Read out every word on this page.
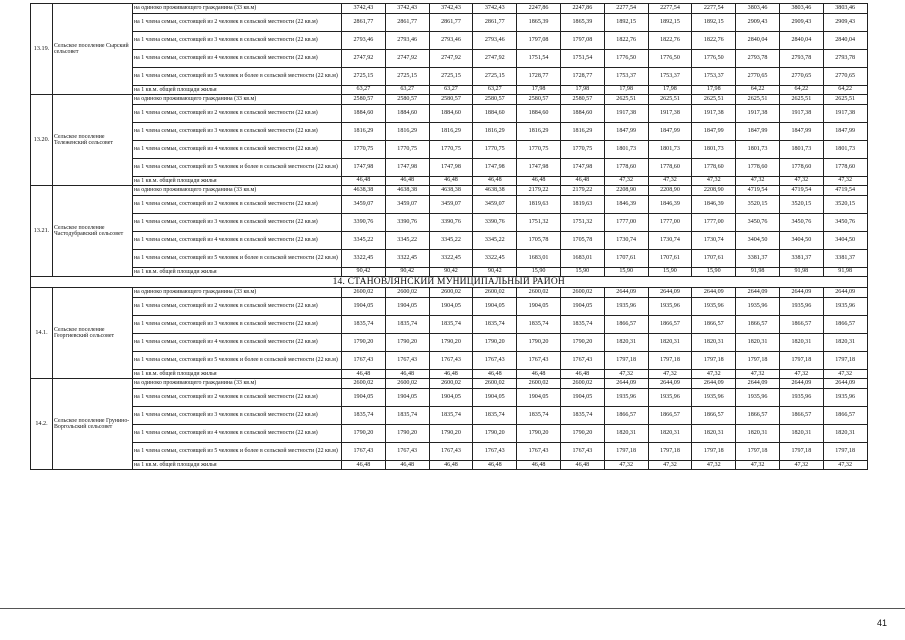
13.19.	Сельское поселение Сырский сельсовет	на одиноко проживающего гражданина (33 кв.м)	3742,43	3742,43	3742,43	3742,43	2247,86	2247,86	2277,54	2277,54	2277,54	3803,46	3803,46	3803,46
		на 1 члена семьи, состоящей из 2 человек в сельской местности (22 кв.м)	2861,77	2861,77	2861,77	2861,77	1865,39	1865,39	1892,15	1892,15	1892,15	2909,43	2909,43	2909,43
		на 1 члена семьи, состоящей из 3 человек в сельской местности (22 кв.м)	2793,46	2793,46	2793,46	2793,46	1797,08	1797,08	1822,76	1822,76	1822,76	2840,04	2840,04	2840,04
		на 1 члена семьи, состоящей из 4 человек в сельской местности (22 кв.м)	2747,92	2747,92	2747,92	2747,92	1751,54	1751,54	1776,50	1776,50	1776,50	2793,78	2793,78	2793,78
		на 1 члена семьи, состоящей из 5 человек и более в сельской местности (22 кв.м)	2725,15	2725,15	2725,15	2725,15	1728,77	1728,77	1753,37	1753,37	1753,37	2770,65	2770,65	2770,65
		на 1 кв.м. общей площади жилья	63,27	63,27	63,27	63,27	17,98	17,98	17,98	17,98	17,98	64,22	64,22	64,22
13.20.	Сельское поселение Тележенский сельсовет	на одиноко проживающего гражданина (33 кв.м)	2580,57	2580,57	2580,57	2580,57	2580,57	2580,57	2625,51	2625,51	2625,51	2625,51	2625,51	2625,51
		на 1 члена семьи, состоящей из 2 человек в сельской местности (22 кв.м)	1884,60	1884,60	1884,60	1884,60	1884,60	1884,60	1917,38	1917,38	1917,38	1917,38	1917,38	1917,38
		на 1 члена семьи, состоящей из 3 человек в сельской местности (22 кв.м)	1816,29	1816,29	1816,29	1816,29	1816,29	1816,29	1847,99	1847,99	1847,99	1847,99	1847,99	1847,99
		на 1 члена семьи, состоящей из 4 человек в сельской местности (22 кв.м)	1770,75	1770,75	1770,75	1770,75	1770,75	1770,75	1801,73	1801,73	1801,73	1801,73	1801,73	1801,73
		на 1 члена семьи, состоящей из 5 человек и более в сельской местности (22 кв.м)	1747,98	1747,98	1747,98	1747,98	1747,98	1747,98	1778,60	1778,60	1778,60	1778,60	1778,60	1778,60
		на 1 кв.м. общей площади жилья	46,48	46,48	46,48	46,48	46,48	46,48	47,32	47,32	47,32	47,32	47,32	47,32
13.21.	Сельское поселение Частодубравский сельсовет	на одиноко проживающего гражданина (33 кв.м)	4638,38	4638,38	4638,38	4638,38	2179,22	2179,22	2208,90	2208,90	2208,90	4719,54	4719,54	4719,54
		на 1 члена семьи, состоящей из 2 человек в сельской местности (22 кв.м)	3459,07	3459,07	3459,07	3459,07	1819,63	1819,63	1846,39	1846,39	1846,39	3520,15	3520,15	3520,15
		на 1 члена семьи, состоящей из 3 человек в сельской местности (22 кв.м)	3390,76	3390,76	3390,76	3390,76	1751,32	1751,32	1777,00	1777,00	1777,00	3450,76	3450,76	3450,76
		на 1 члена семьи, состоящей из 4 человек в сельской местности (22 кв.м)	3345,22	3345,22	3345,22	3345,22	1705,78	1705,78	1730,74	1730,74	1730,74	3404,50	3404,50	3404,50
		на 1 члена семьи, состоящей из 5 человек и более в сельской местности (22 кв.м)	3322,45	3322,45	3322,45	3322,45	1683,01	1683,01	1707,61	1707,61	1707,61	3381,37	3381,37	3381,37
		на 1 кв.м. общей площади жилья	90,42	90,42	90,42	90,42	15,90	15,90	15,90	15,90	15,90	91,98	91,98	91,98
14. СТАНОВЛЯНСКИЙ МУНИЦИПАЛЬНЫЙ РАЙОН														
14.1.	Сельское поселение Георгиевский сельсовет	на одиноко проживающего гражданина (33 кв.м)	2600,02	2600,02	2600,02	2600,02	2600,02	2600,02	2644,09	2644,09	2644,09	2644,09	2644,09	2644,09
		на 1 члена семьи, состоящей из 2 человек в сельской местности (22 кв.м)	1904,05	1904,05	1904,05	1904,05	1904,05	1904,05	1935,96	1935,96	1935,96	1935,96	1935,96	1935,96
		на 1 члена семьи, состоящей из 3 человек в сельской местности (22 кв.м)	1835,74	1835,74	1835,74	1835,74	1835,74	1835,74	1866,57	1866,57	1866,57	1866,57	1866,57	1866,57
		на 1 члена семьи, состоящей из 4 человек в сельской местности (22 кв.м)	1790,20	1790,20	1790,20	1790,20	1790,20	1790,20	1820,31	1820,31	1820,31	1820,31	1820,31	1820,31
		на 1 члена семьи, состоящей из 5 человек и более в сельской местности (22 кв.м)	1767,43	1767,43	1767,43	1767,43	1767,43	1767,43	1797,18	1797,18	1797,18	1797,18	1797,18	1797,18
		на 1 кв.м. общей площади жилья	46,48	46,48	46,48	46,48	46,48	46,48	47,32	47,32	47,32	47,32	47,32	47,32
14.2.	Сельское поселение Грунино-Воргольский сельсовет	на одиноко проживающего гражданина (33 кв.м)	2600,02	2600,02	2600,02	2600,02	2600,02	2600,02	2644,09	2644,09	2644,09	2644,09	2644,09	2644,09
		на 1 члена семьи, состоящей из 2 человек в сельской местности (22 кв.м)	1904,05	1904,05	1904,05	1904,05	1904,05	1904,05	1935,96	1935,96	1935,96	1935,96	1935,96	1935,96
		на 1 члена семьи, состоящей из 3 человек в сельской местности (22 кв.м)	1835,74	1835,74	1835,74	1835,74	1835,74	1835,74	1866,57	1866,57	1866,57	1866,57	1866,57	1866,57
		на 1 члена семьи, состоящей из 4 человек в сельской местности (22 кв.м)	1790,20	1790,20	1790,20	1790,20	1790,20	1790,20	1820,31	1820,31	1820,31	1820,31	1820,31	1820,31
		на 1 члена семьи, состоящей из 5 человек и более в сельской местности (22 кв.м)	1767,43	1767,43	1767,43	1767,43	1767,43	1767,43	1797,18	1797,18	1797,18	1797,18	1797,18	1797,18
		на 1 кв.м. общей площади жилья	46,48	46,48	46,48	46,48	46,48	46,48	47,32	47,32	47,32	47,32	47,32	47,32
41
